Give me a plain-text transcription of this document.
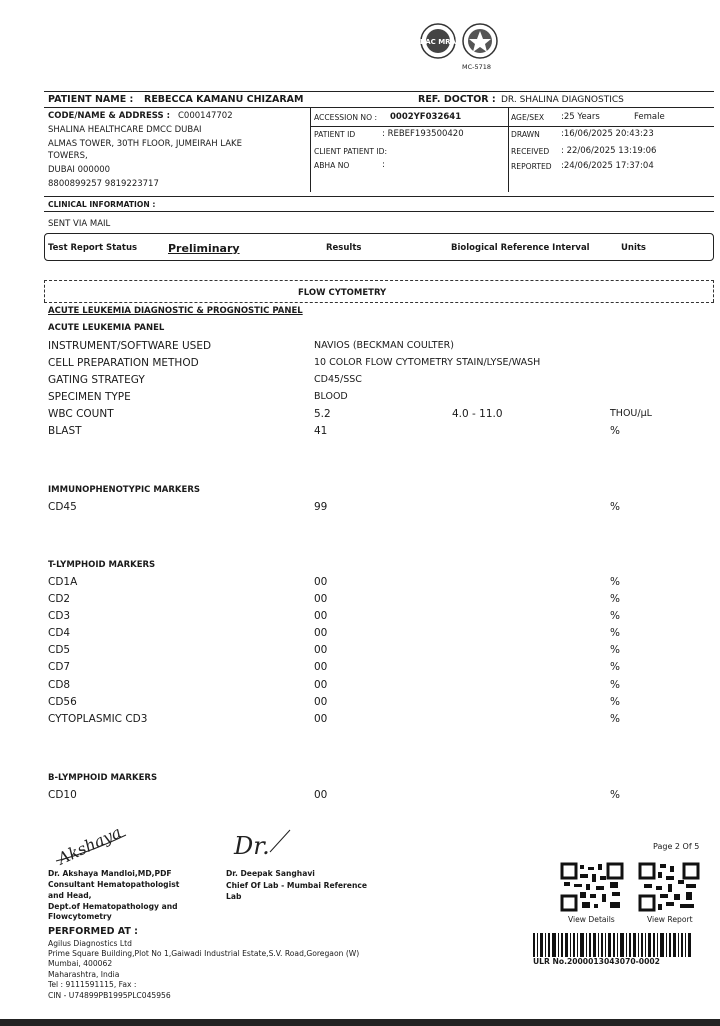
IIAC MRA
MC-5718
PATIENT NAME : REBECCA KAMANU CHIZARAM	REF. DOCTOR : DR. SHALINA DIAGNOSTICS
CODE/NAME & ADDRESS : C000147702
SHALINA HEALTHCARE DMCC DUBAI
ALMAS TOWER, 30TH FLOOR, JUMEIRAH LAKE
TOWERS,
DUBAI 000000
8800899257 9819223717
ACCESSION NO : 0002YF032641
PATIENT ID	: REBEF193500420
CLIENT PATIENT ID:
ABHA NO	:
AGE/SEX :25 Years	Female
DRAWN :16/06/2025 20:43:23
RECEIVED : 22/06/2025 13:19:06
REPORTED :24/06/2025 17:37:04
CLINICAL INFORMATION :
SENT VIA MAIL
Test Report Status	Preliminary	Results	Biological Reference Interval	Units
FLOW CYTOMETRY
ACUTE LEUKEMIA DIAGNOSTIC & PROGNOSTIC PANEL
ACUTE LEUKEMIA PANEL
INSTRUMENT/SOFTWARE USED	NAVIOS (BECKMAN COULTER)
CELL PREPARATION METHOD	10 COLOR FLOW CYTOMETRY STAIN/LYSE/WASH
GATING STRATEGY	CD45/SSC
SPECIMEN TYPE	BLOOD
WBC COUNT	5.2	4.0 - 11.0	THOU/µL
BLAST	41	%
IMMUNOPHENOTYPIC MARKERS
CD45	99	%
T-LYMPHOID MARKERS
CD1A	00	%
CD2	00	%
CD3	00	%
CD4	00	%
CD5	00	%
CD7	00	%
CD8	00	%
CD56	00	%
CYTOPLASMIC CD3	00	%
B-LYMPHOID MARKERS
CD10	00	%
Akshaya
Dr. Akshaya Mandloi,MD,PDF
Consultant Hematopathologist
and Head,
Dept.of Hematopathology and
Flowcytometry
Dr.
Dr. Deepak Sanghavi
Chief Of Lab - Mumbai Reference
Lab
Page 2 Of 5
View Details	View Report
PERFORMED AT :
Agilus Diagnostics Ltd
Prime Square Building,Plot No 1,Gaiwadi Industrial Estate,S.V. Road,Goregaon (W)
Mumbai, 400062
Maharashtra, India
Tel : 9111591115, Fax :
CIN - U74899PB1995PLC045956
ULR No.2000013043070-0002
